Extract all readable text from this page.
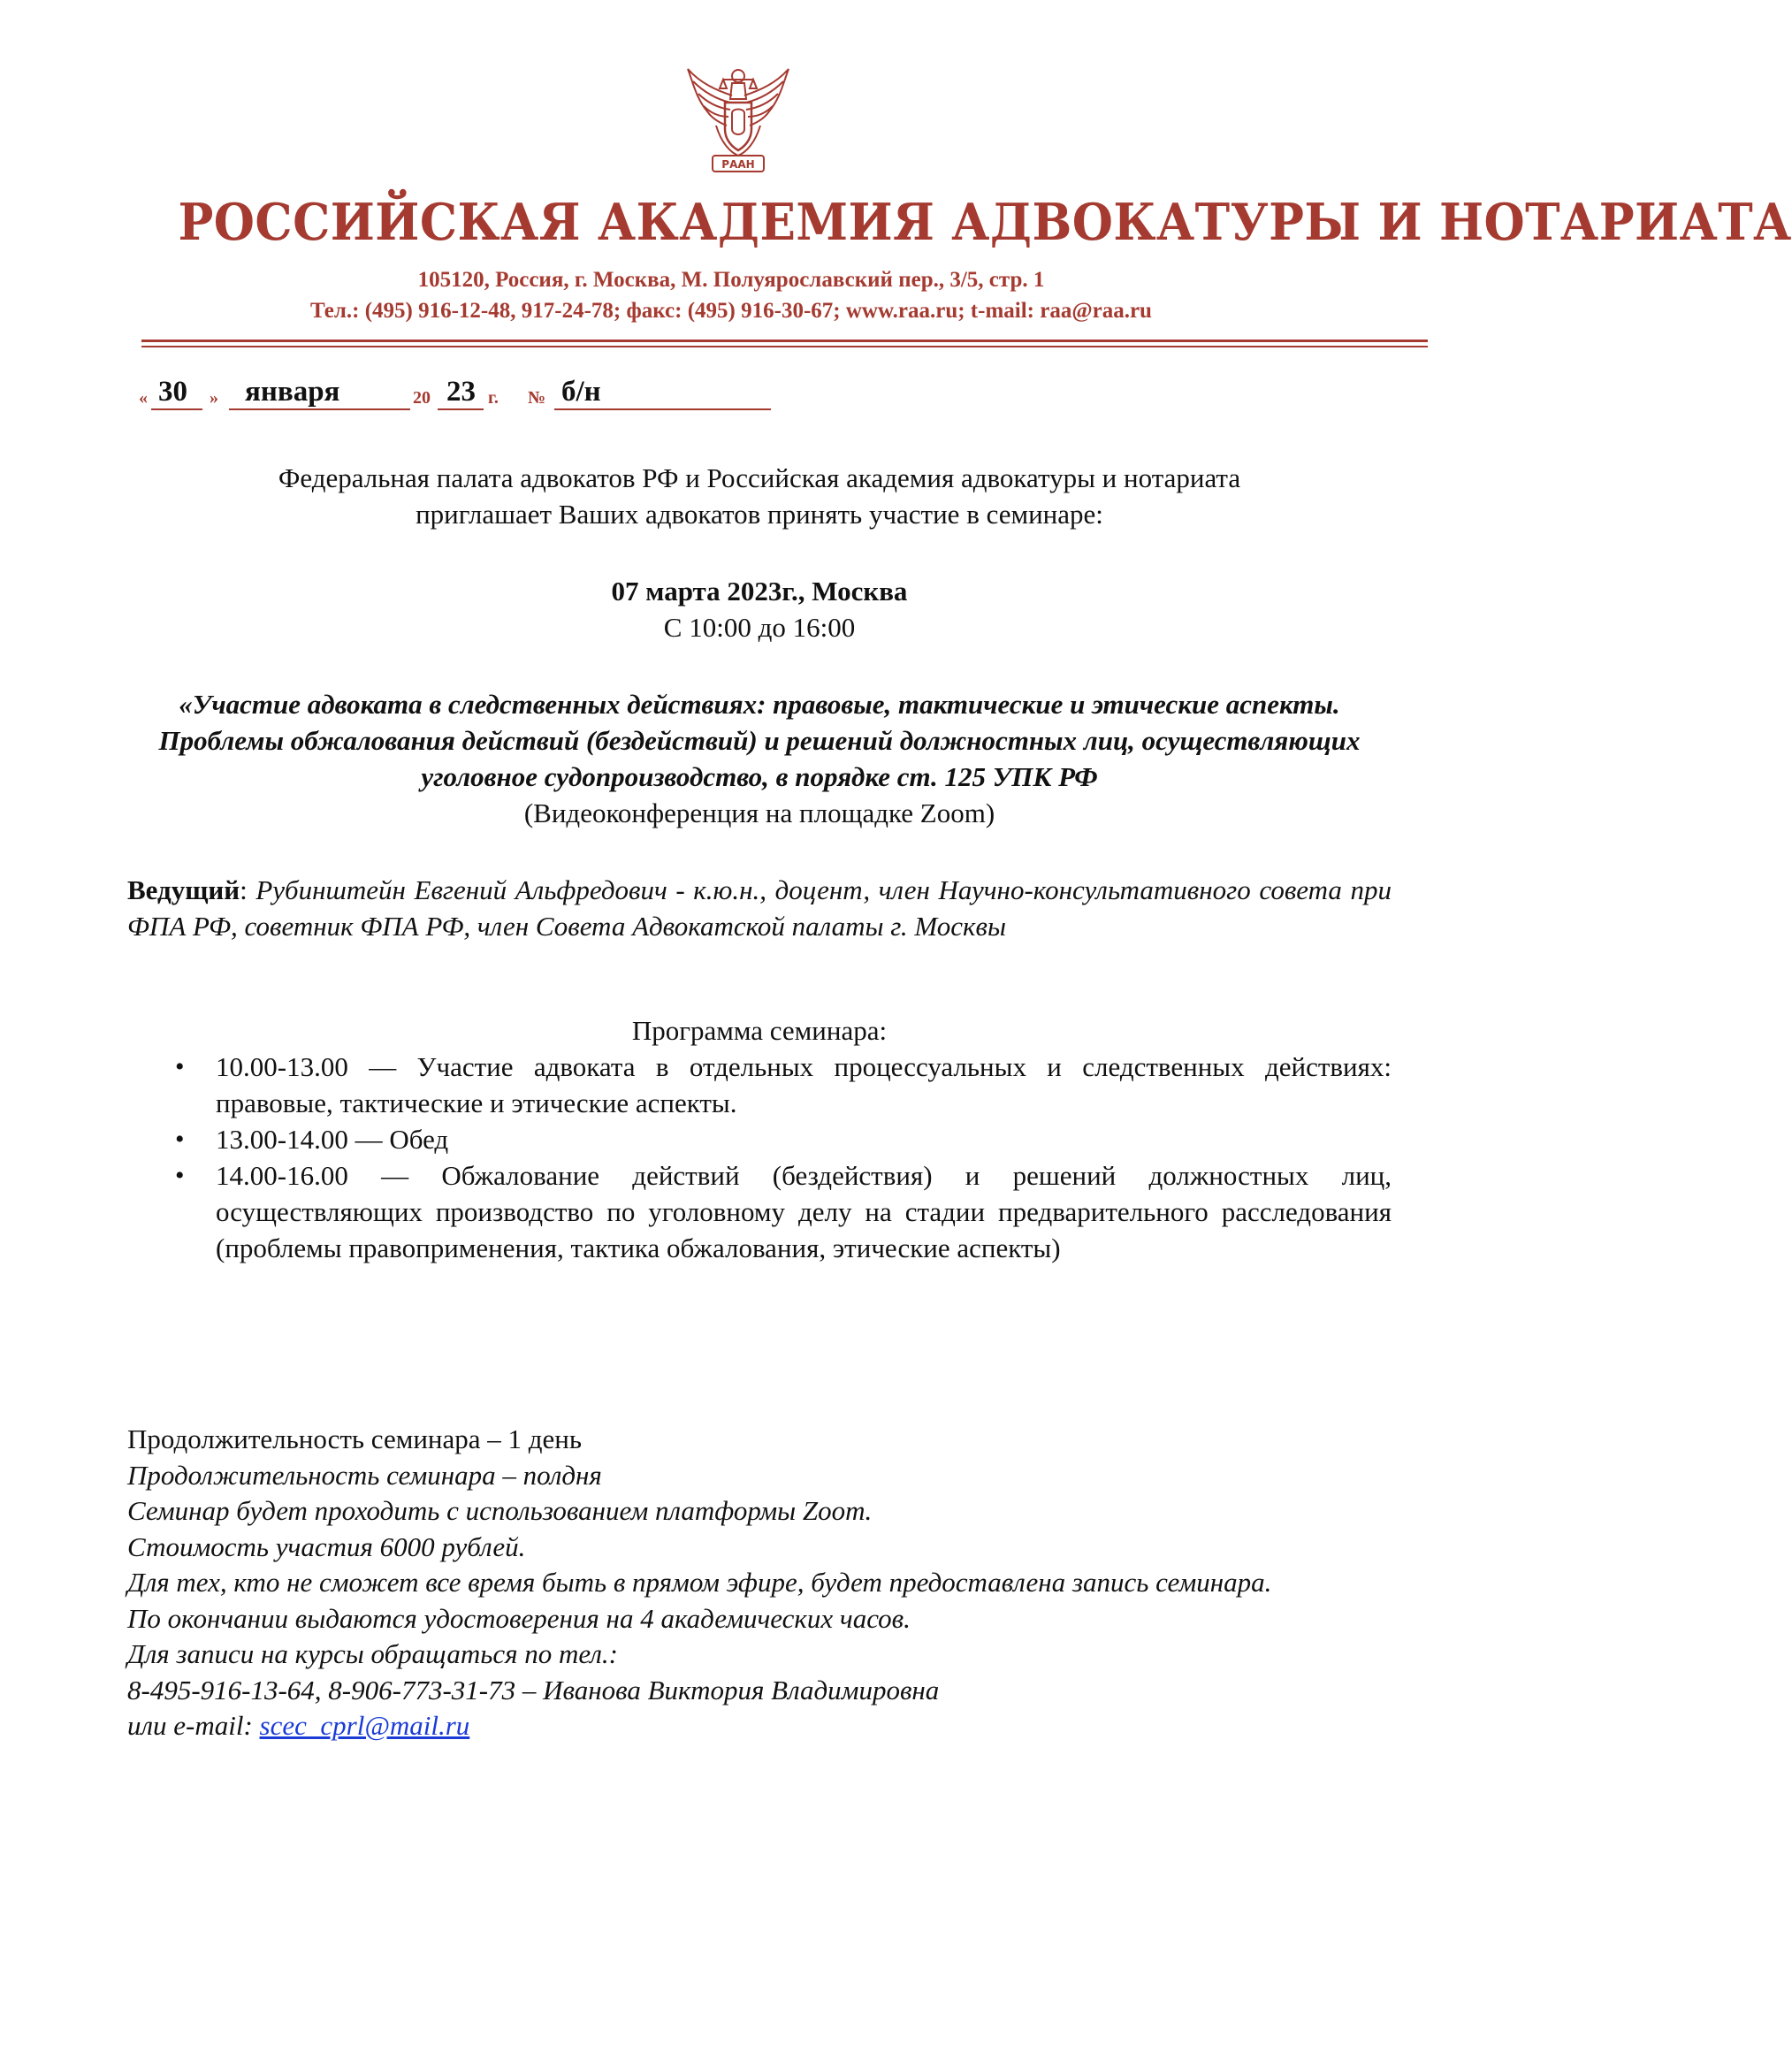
РААН
РОССИЙСКАЯ АКАДЕМИЯ АДВОКАТУРЫ И НОТАРИАТА
105120, Россия, г. Москва, М. Полуярославский пер., 3/5, стр. 1
Тел.: (495) 916-12-48, 917-24-78; факс: (495) 916-30-67; www.raa.ru; t-mail: raa@raa.ru
« 30 » января	20 23 г. № б/н
Федеральная палата адвокатов РФ и Российская академия адвокатуры и нотариата
приглашает Ваших адвокатов принять участие в семинаре:
07 марта 2023г., Москва
С 10:00 до 16:00
«Участие адвоката в следственных действиях: правовые, тактические и этические аспекты. Проблемы обжалования действий (бездействий) и решений должностных лиц, осуществляющих уголовное судопроизводство, в порядке ст. 125 УПК РФ
(Видеоконференция на площадке Zoom)
Ведущий: Рубинштейн Евгений Альфредович - к.ю.н., доцент, член Научно-консультативного совета при ФПА РФ, советник ФПА РФ, член Совета Адвокатской палаты г. Москвы
Программа семинара:
• 10.00-13.00 — Участие адвоката в отдельных процессуальных и следственных действиях: правовые, тактические и этические аспекты.
• 13.00-14.00 — Обед
• 14.00-16.00 — Обжалование действий (бездействия) и решений должностных лиц, осуществляющих производство по уголовному делу на стадии предварительного расследования (проблемы правоприменения, тактика обжалования, этические аспекты)
Продолжительность семинара – 1 день
Продолжительность семинара – полдня
Семинар будет проходить с использованием платформы Zoom.
Стоимость участия 6000 рублей.
Для тех, кто не сможет все время быть в прямом эфире, будет предоставлена запись семинара.
По окончании выдаются удостоверения на 4 академических часов.
Для записи на курсы обращаться по тел.:
8-495-916-13-64, 8-906-773-31-73 – Иванова Виктория Владимировна
или e-mail: scec_cprl@mail.ru
